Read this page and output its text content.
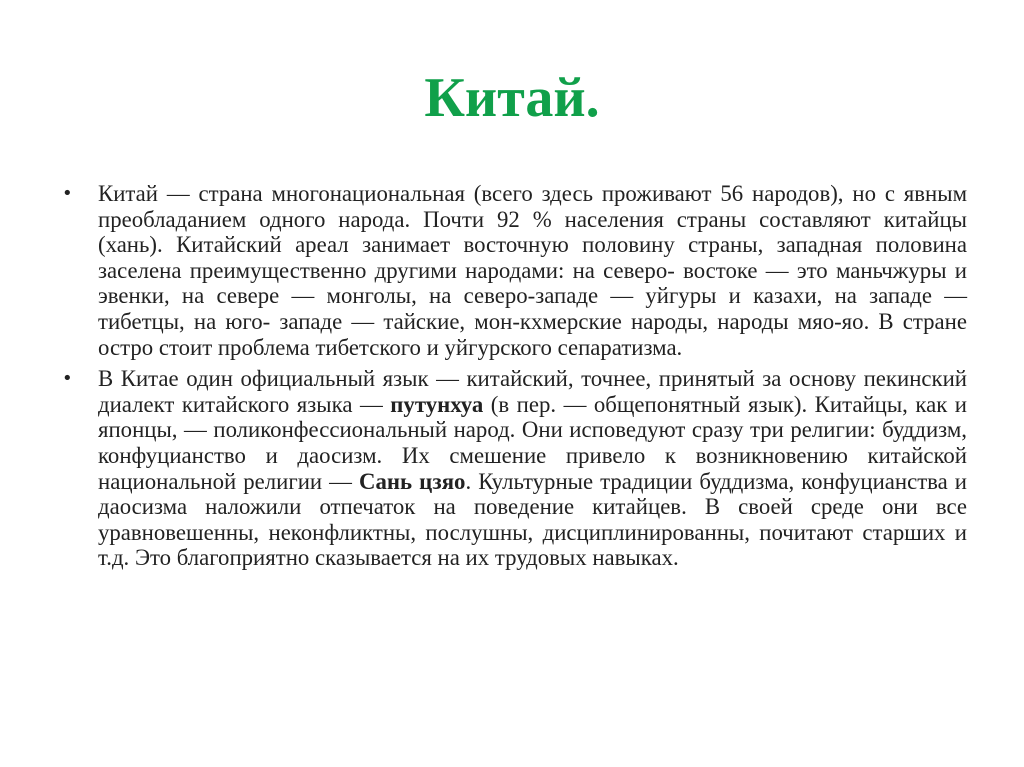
Китай.
•	Китай — страна многонациональная (всего здесь проживают 56 народов), но с явным преобладанием одного народа. Почти 92 % населения страны составляют китайцы (хань). Китайский ареал занимает восточную половину страны, западная половина заселена преимущественно другими народами: на северо- востоке — это маньчжуры и эвенки, на севере — монголы, на северо-западе — уйгуры и казахи, на западе — тибетцы, на юго- западе — тайские, мон-кхмерские народы, народы мяо-яо. В стране остро стоит проблема тибетского и уйгурского сепаратизма.
•	В Китае один официальный язык — китайский, точнее, принятый за основу пекинский диалект китайского языка — путунхуа (в пер. — общепонятный язык). Китайцы, как и японцы, — поликонфессиональный народ. Они исповедуют сразу три религии: буддизм, конфуцианство и даосизм. Их смешение привело к возникновению китайской национальной религии — Сань цзяо. Культурные традиции буддизма, конфуцианства и даосизма наложили отпечаток на поведение китайцев. В своей среде они все уравновешенны, неконфликтны, послушны, дисциплинированны, почитают старших и т.д. Это благоприятно сказывается на их трудовых навыках.
